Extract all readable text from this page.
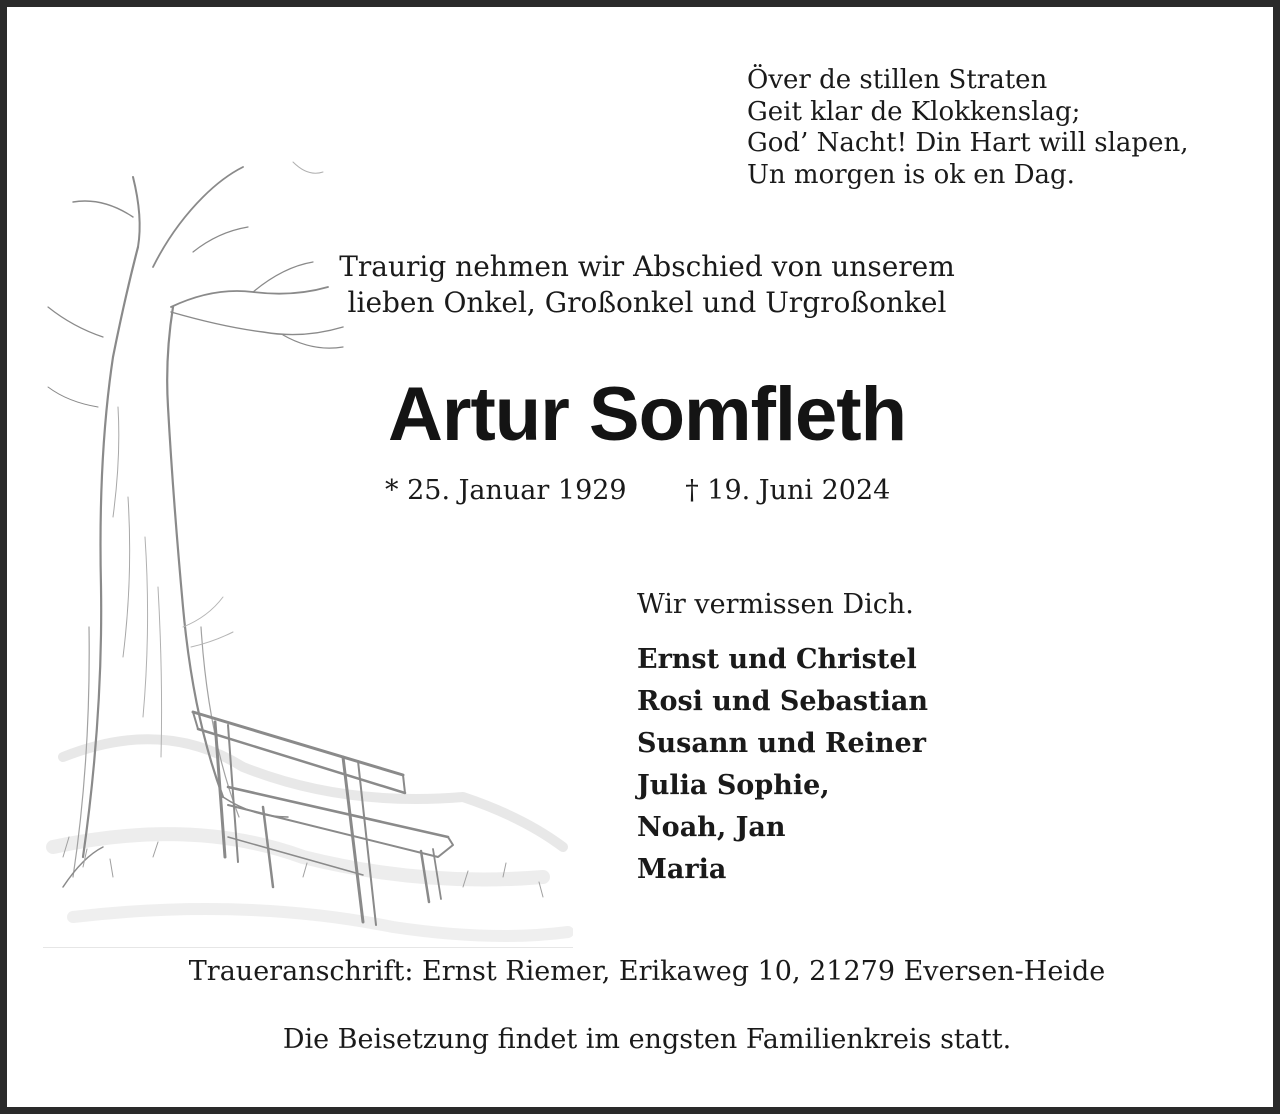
Över de stillen Straten
Geit klar de Klokkenslag;
God’ Nacht! Din Hart will slapen,
Un morgen is ok en Dag.
Traurig nehmen wir Abschied von unserem
lieben Onkel, Großonkel und Urgroßonkel
Artur Somfleth
* 25. Januar 1929 † 19. Juni 2024
Wir vermissen Dich.
Ernst und Christel
Rosi und Sebastian
Susann und Reiner
Julia Sophie,
Noah, Jan
Maria
Traueranschrift: Ernst Riemer, Erikaweg 10, 21279 Eversen-Heide
Die Beisetzung findet im engsten Familienkreis statt.
